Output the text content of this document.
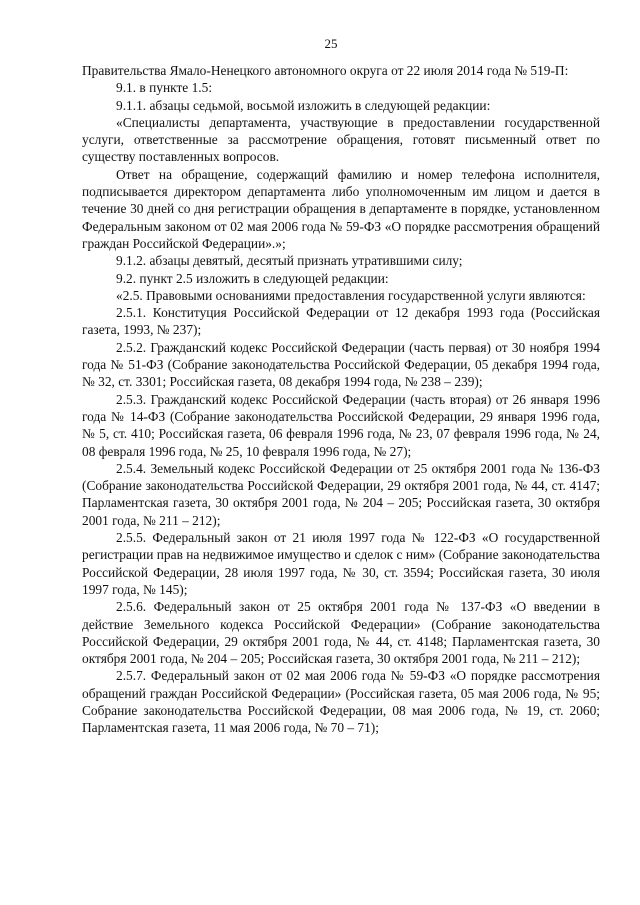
25

Правительства Ямало-Ненецкого автономного округа от 22 июля 2014 года № 519-П:

9.1. в пункте 1.5:

9.1.1. абзацы седьмой, восьмой изложить в следующей редакции:

«Специалисты департамента, участвующие в предоставлении государственной услуги, ответственные за рассмотрение обращения, готовят письменный ответ по существу поставленных вопросов.

Ответ на обращение, содержащий фамилию и номер телефона исполнителя, подписывается директором департамента либо уполномоченным им лицом и дается в течение 30 дней со дня регистрации обращения в департаменте в порядке, установленном Федеральным законом от 02 мая 2006 года № 59-ФЗ «О порядке рассмотрения обращений граждан Российской Федерации».»;

9.1.2. абзацы девятый, десятый признать утратившими силу;

9.2. пункт 2.5 изложить в следующей редакции:

«2.5. Правовыми основаниями предоставления государственной услуги являются:

2.5.1. Конституция Российской Федерации от 12 декабря 1993 года (Российская газета, 1993, № 237);

2.5.2. Гражданский кодекс Российской Федерации (часть первая) от 30 ноября 1994 года № 51-ФЗ (Собрание законодательства Российской Федерации, 05 декабря 1994 года, № 32, ст. 3301; Российская газета, 08 декабря 1994 года, № 238 – 239);

2.5.3. Гражданский кодекс Российской Федерации (часть вторая) от 26 января 1996 года № 14-ФЗ (Собрание законодательства Российской Федерации, 29 января 1996 года, № 5, ст. 410; Российская газета, 06 февраля 1996 года, № 23, 07 февраля 1996 года, № 24, 08 февраля 1996 года, № 25, 10 февраля 1996 года, № 27);

2.5.4. Земельный кодекс Российской Федерации от 25 октября 2001 года № 136-ФЗ (Собрание законодательства Российской Федерации, 29 октября 2001 года, № 44, ст. 4147; Парламентская газета, 30 октября 2001 года, № 204 – 205; Российская газета, 30 октября 2001 года, № 211 – 212);

2.5.5. Федеральный закон от 21 июля 1997 года № 122-ФЗ «О государственной регистрации прав на недвижимое имущество и сделок с ним» (Собрание законодательства Российской Федерации, 28 июля 1997 года, № 30, ст. 3594; Российская газета, 30 июля 1997 года, № 145);

2.5.6. Федеральный закон от 25 октября 2001 года № 137-ФЗ «О введении в действие Земельного кодекса Российской Федерации» (Собрание законодательства Российской Федерации, 29 октября 2001 года, № 44, ст. 4148; Парламентская газета, 30 октября 2001 года, № 204 – 205; Российская газета, 30 октября 2001 года, № 211 – 212);

2.5.7. Федеральный закон от 02 мая 2006 года № 59-ФЗ «О порядке рассмотрения обращений граждан Российской Федерации» (Российская газета, 05 мая 2006 года, № 95; Собрание законодательства Российской Федерации, 08 мая 2006 года, № 19, ст. 2060; Парламентская газета, 11 мая 2006 года, № 70 – 71);
